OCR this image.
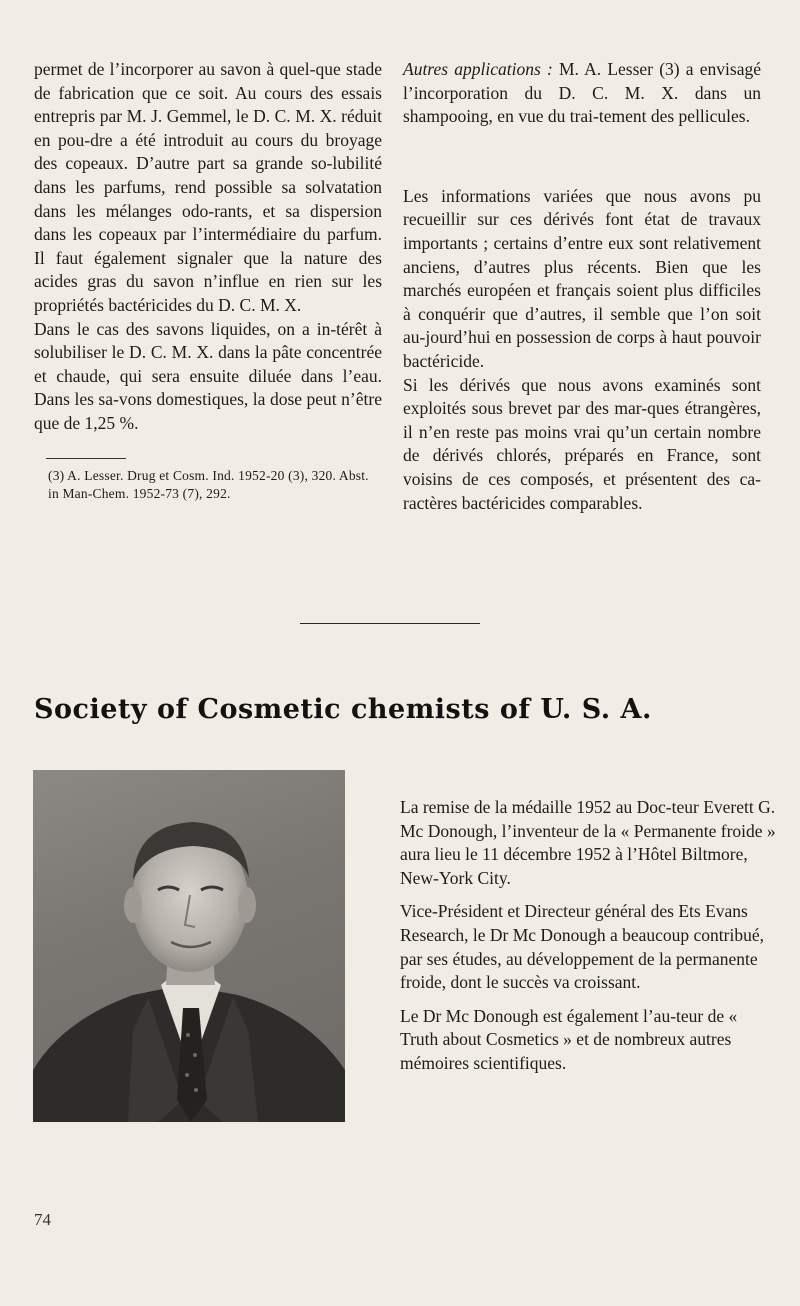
permet de l’incorporer au savon à quel-que stade de fabrication que ce soit. Au cours des essais entrepris par M. J. Gemmel, le D. C. M. X. réduit en pou-dre a été introduit au cours du broyage des copeaux. D’autre part sa grande so-lubilité dans les parfums, rend possible sa solvatation dans les mélanges odo-rants, et sa dispersion dans les copeaux par l’intermédiaire du parfum. Il faut également signaler que la nature des acides gras du savon n’influe en rien sur les propriétés bactéricides du D. C. M. X.

Dans le cas des savons liquides, on a in-térêt à solubiliser le D. C. M. X. dans la pâte concentrée et chaude, qui sera ensuite diluée dans l’eau. Dans les sa-vons domestiques, la dose peut n’être que de 1,25 %.

(3) A. Lesser. Drug et Cosm. Ind. 1952-20 (3), 320. Abst. in Man-Chem. 1952-73 (7), 292.

Autres applications : M. A. Lesser (3) a envisagé l’incorporation du D. C. M. X. dans un shampooing, en vue du trai-tement des pellicules.

Les informations variées que nous avons pu recueillir sur ces dérivés font état de travaux importants ; certains d’entre eux sont relativement anciens, d’autres plus récents. Bien que les marchés européen et français soient plus difficiles à conquérir que d’autres, il semble que l’on soit au-jourd’hui en possession de corps à haut pouvoir bactéricide.

Si les dérivés que nous avons examinés sont exploités sous brevet par des mar-ques étrangères, il n’en reste pas moins vrai qu’un certain nombre de dérivés chlorés, préparés en France, sont voisins de ces composés, et présentent des ca-ractères bactéricides comparables.

Society of Cosmetic chemists of U. S. A.

La remise de la médaille 1952 au Doc-teur Everett G. Mc Donough, l’inventeur de la « Permanente froide » aura lieu le 11 décembre 1952 à l’Hôtel Biltmore, New-York City.

Vice-Président et Directeur général des Ets Evans Research, le Dr Mc Donough a beaucoup contribué, par ses études, au développement de la permanente froide, dont le succès va croissant.

Le Dr Mc Donough est également l’au-teur de « Truth about Cosmetics » et de nombreux autres mémoires scientifiques.

74
